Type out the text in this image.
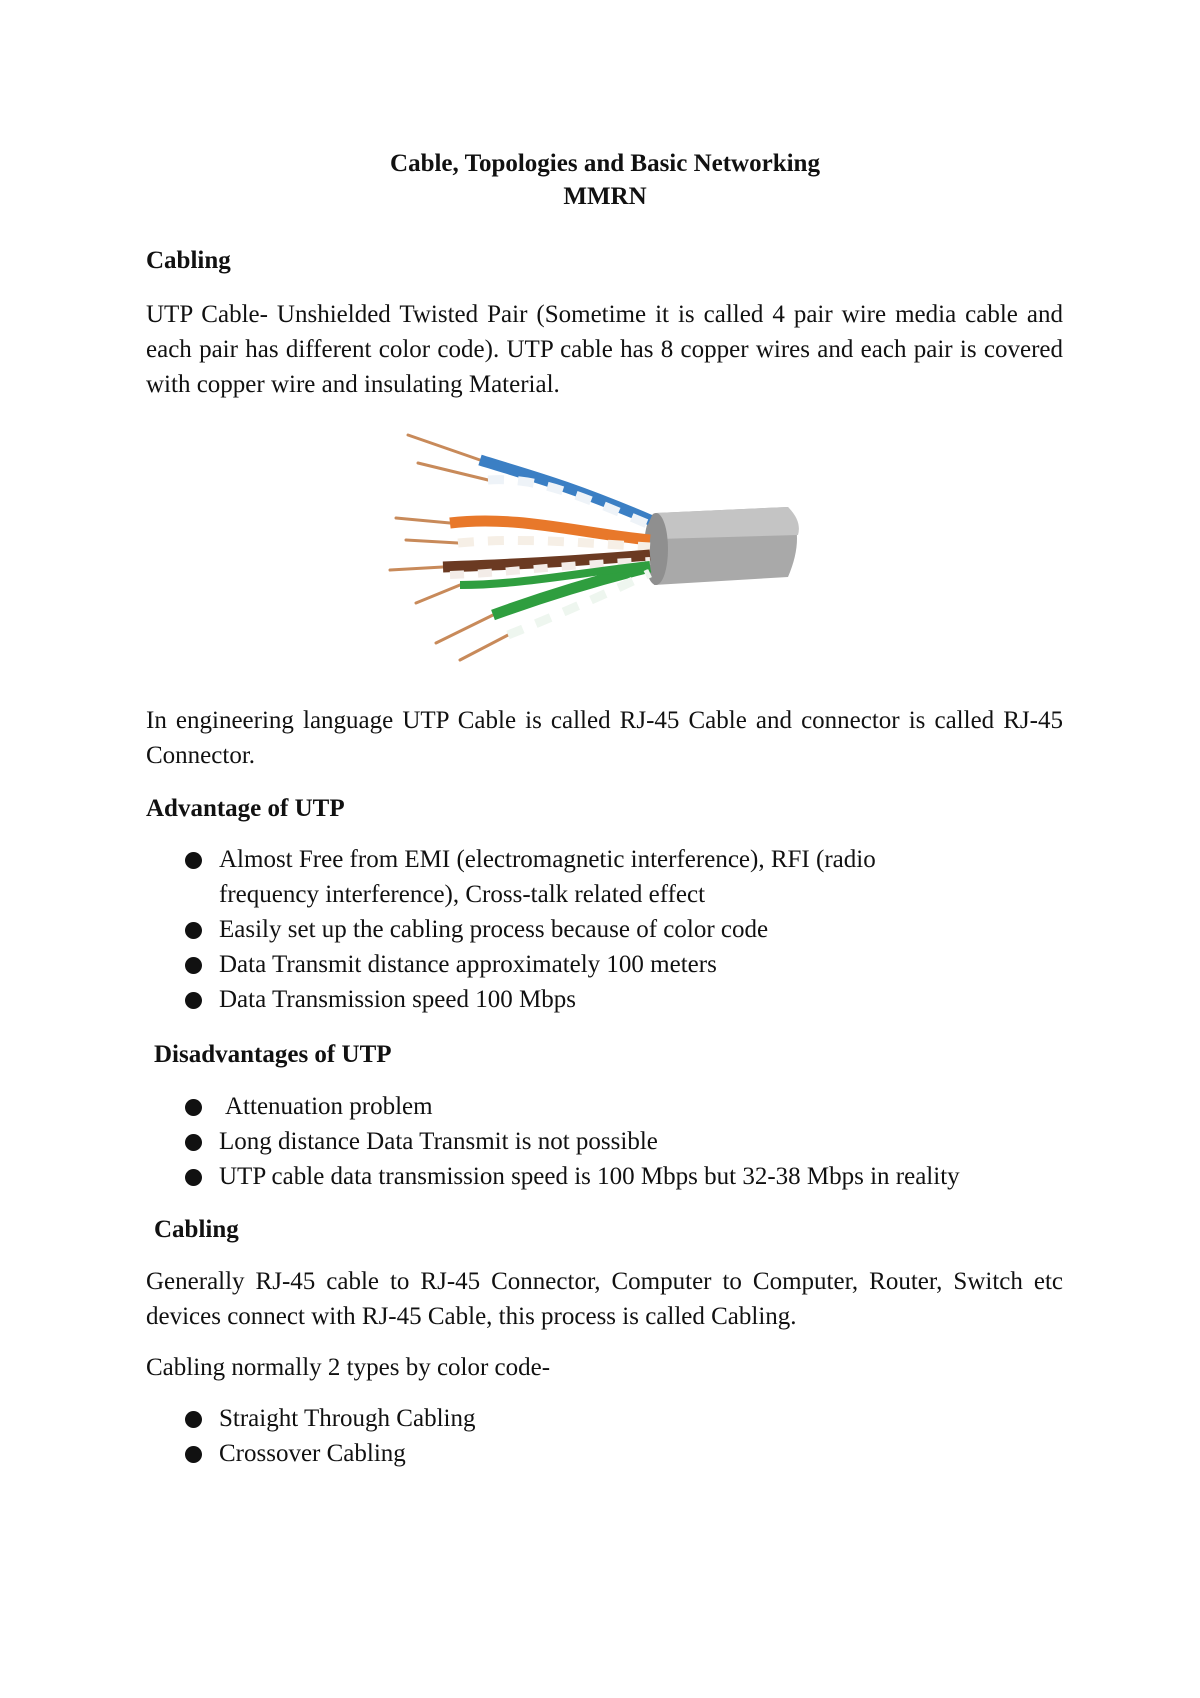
Cable, Topologies and Basic Networking
MMRN
Cabling

UTP Cable- Unshielded Twisted Pair (Sometime it is called 4 pair wire media cable and each pair has different color code). UTP cable has 8 copper wires and each pair is covered with copper wire and insulating Material.

In engineering language UTP Cable is called RJ-45 Cable and connector is called RJ-45 Connector.

Advantage of UTP
Almost Free from EMI (electromagnetic interference), RFI (radio frequency interference), Cross-talk related effect
Easily set up the cabling process because of color code
Data Transmit distance approximately 100 meters
Data Transmission speed 100 Mbps
Disadvantages of UTP
Attenuation problem
Long distance Data Transmit is not possible
UTP cable data transmission speed is 100 Mbps but 32-38 Mbps in reality
Cabling

Generally RJ-45 cable to RJ-45 Connector, Computer to Computer, Router, Switch etc devices connect with RJ-45 Cable, this process is called Cabling.

Cabling normally 2 types by color code-

Straight Through Cabling
Crossover Cabling
